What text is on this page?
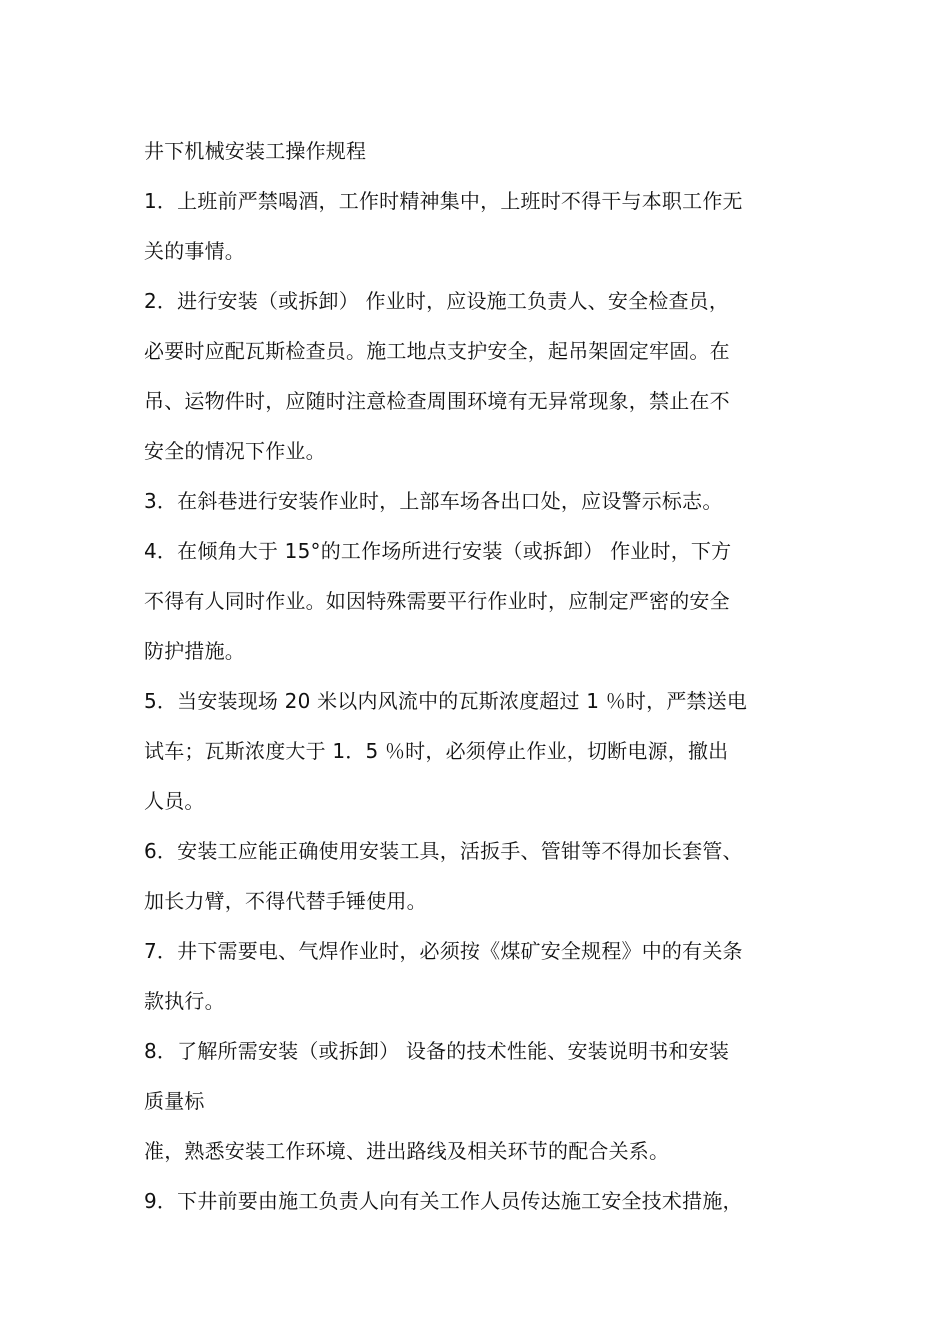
井下机械安装工操作规程
1．上班前严禁喝酒，工作时精神集中，上班时不得干与本职工作无
关的事情。
2．进行安装（或拆卸） 作业时，应设施工负责人、安全检查员，
必要时应配瓦斯检查员。施工地点支护安全，起吊架固定牢固。在
吊、运物件时，应随时注意检查周围环境有无异常现象，禁止在不
安全的情况下作业。
3．在斜巷进行安装作业时，上部车场各出口处，应设警示标志。
4．在倾角大于 15°的工作场所进行安装（或拆卸） 作业时，下方
不得有人同时作业。如因特殊需要平行作业时，应制定严密的安全
防护措施。
5．当安装现场 20 米以内风流中的瓦斯浓度超过 1 ％时，严禁送电
试车；瓦斯浓度大于 1．5 ％时，必须停止作业，切断电源，撤出
人员。
6．安装工应能正确使用安装工具，活扳手、管钳等不得加长套管、
加长力臂，不得代替手锤使用。
7．井下需要电、气焊作业时，必须按《煤矿安全规程》中的有关条
款执行。
8．了解所需安装（或拆卸） 设备的技术性能、安装说明书和安装
质量标
准，熟悉安装工作环境、进出路线及相关环节的配合关系。
9．下井前要由施工负责人向有关工作人员传达施工安全技术措施，
